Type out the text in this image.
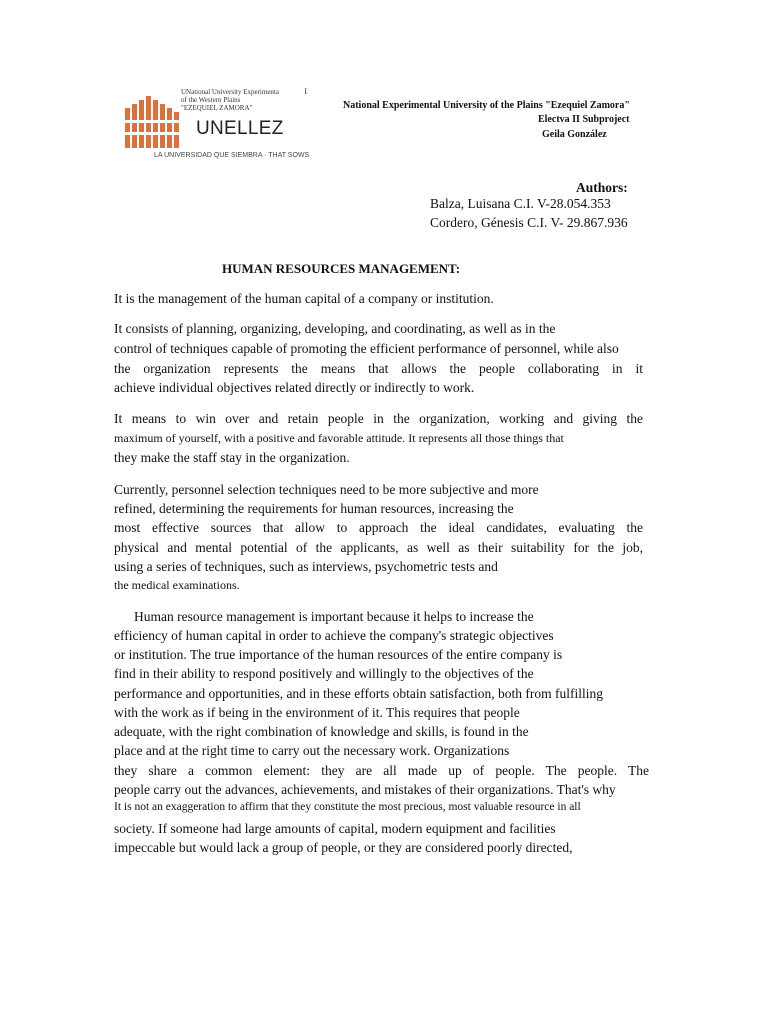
UNational University Experimenta
of the Western Plains
"EZEQUIEL ZAMORA"
I
UNELLEZ
LA UNIVERSIDAD QUE SIEMBRA · THAT SOWS
National Experimental University of the Plains "Ezequiel Zamora"
Electva II Subproject
Geila González
Authors:
Balza, Luisana C.I. V-28.054.353
Cordero, Génesis C.I. V- 29.867.936
HUMAN RESOURCES MANAGEMENT:
It is the management of the human capital of a company or institution.
It consists of planning, organizing, developing, and coordinating, as well as in the
control of techniques capable of promoting the efficient performance of personnel, while also
the organization represents the means that allows the people collaborating in it
achieve individual objectives related directly or indirectly to work.
It means to win over and retain people in the organization, working and giving the
maximum of yourself, with a positive and favorable attitude. It represents all those things that
they make the staff stay in the organization.
Currently, personnel selection techniques need to be more subjective and more
refined, determining the requirements for human resources, increasing the
most effective sources that allow to approach the ideal candidates, evaluating the
physical and mental potential of the applicants, as well as their suitability for the job,
using a series of techniques, such as interviews, psychometric tests and
the medical examinations.
Human resource management is important because it helps to increase the
efficiency of human capital in order to achieve the company's strategic objectives
or institution. The true importance of the human resources of the entire company is
find in their ability to respond positively and willingly to the objectives of the
performance and opportunities, and in these efforts obtain satisfaction, both from fulfilling
with the work as if being in the environment of it. This requires that people
adequate, with the right combination of knowledge and skills, is found in the
place and at the right time to carry out the necessary work. Organizations
they share a common element: they are all made up of people. The people. The
people carry out the advances, achievements, and mistakes of their organizations. That's why
It is not an exaggeration to affirm that they constitute the most precious, most valuable resource in all
society. If someone had large amounts of capital, modern equipment and facilities
impeccable but would lack a group of people, or they are considered poorly directed,
